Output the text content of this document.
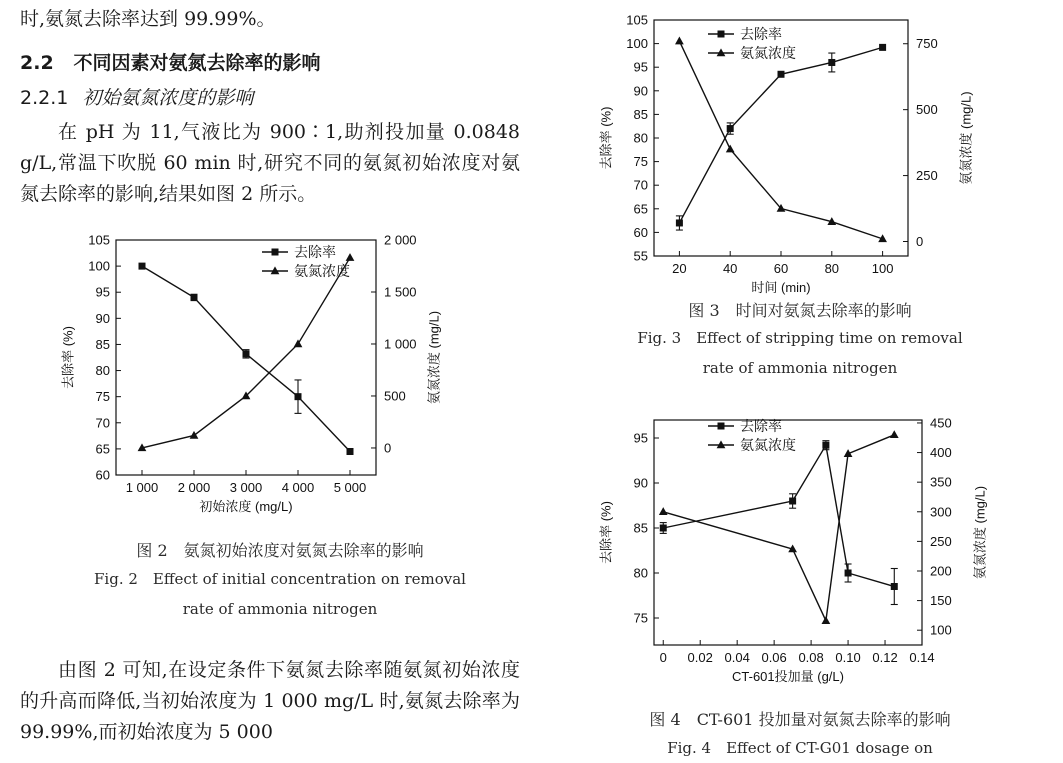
时,氨氮去除率达到 99.99%。

2.2 不同因素对氨氮去除率的影响

2.2.1 初始氨氮浓度的影响

在 pH 为 11,气液比为 900∶1,助剂投加量 0.0848 g/L,常温下吹脱 60 min 时,研究不同的氨氮初始浓度对氨氮去除率的影响,结果如图 2 所示。

1 000 2 000 3 000 4 000 5 000
60
65
70
75
80
85
90
95
100
105
0
500
1 000
1 500
2 000
初始浓度 (mg/L)
去除率 (%)	氨氮浓度 (mg/L)
去除率
氨氮浓度

图 2　氨氮初始浓度对氨氮去除率的影响

Fig. 2　Effect of initial concentration on removal

rate of ammonia nitrogen

由图 2 可知,在设定条件下氨氮去除率随氨氮初始浓度的升高而降低,当初始浓度为 1 000 mg/L 时,氨氮去除率为 99.99%,而初始浓度为 5 000

20	40	60	80	100
55
60
65
70
75
80
85
90
95
100
105
0
250
500
750
时间 (min)
去除率 (%)	氨氮浓度 (mg/L)
去除率
氨氮浓度

图 3　时间对氨氮去除率的影响

Fig. 3　Effect of stripping time on removal

rate of ammonia nitrogen

0 0.02 0.04 0.06 0.08 0.10 0.12 0.14
75
80
85
90
95
100
150
200
250
300
350
400
450
CT-601投加量 (g/L)
去除率 (%)	氨氮浓度 (mg/L)
去除率
氨氮浓度

图 4　CT-601 投加量对氨氮去除率的影响

Fig. 4　Effect of CT-G01 dosage on
